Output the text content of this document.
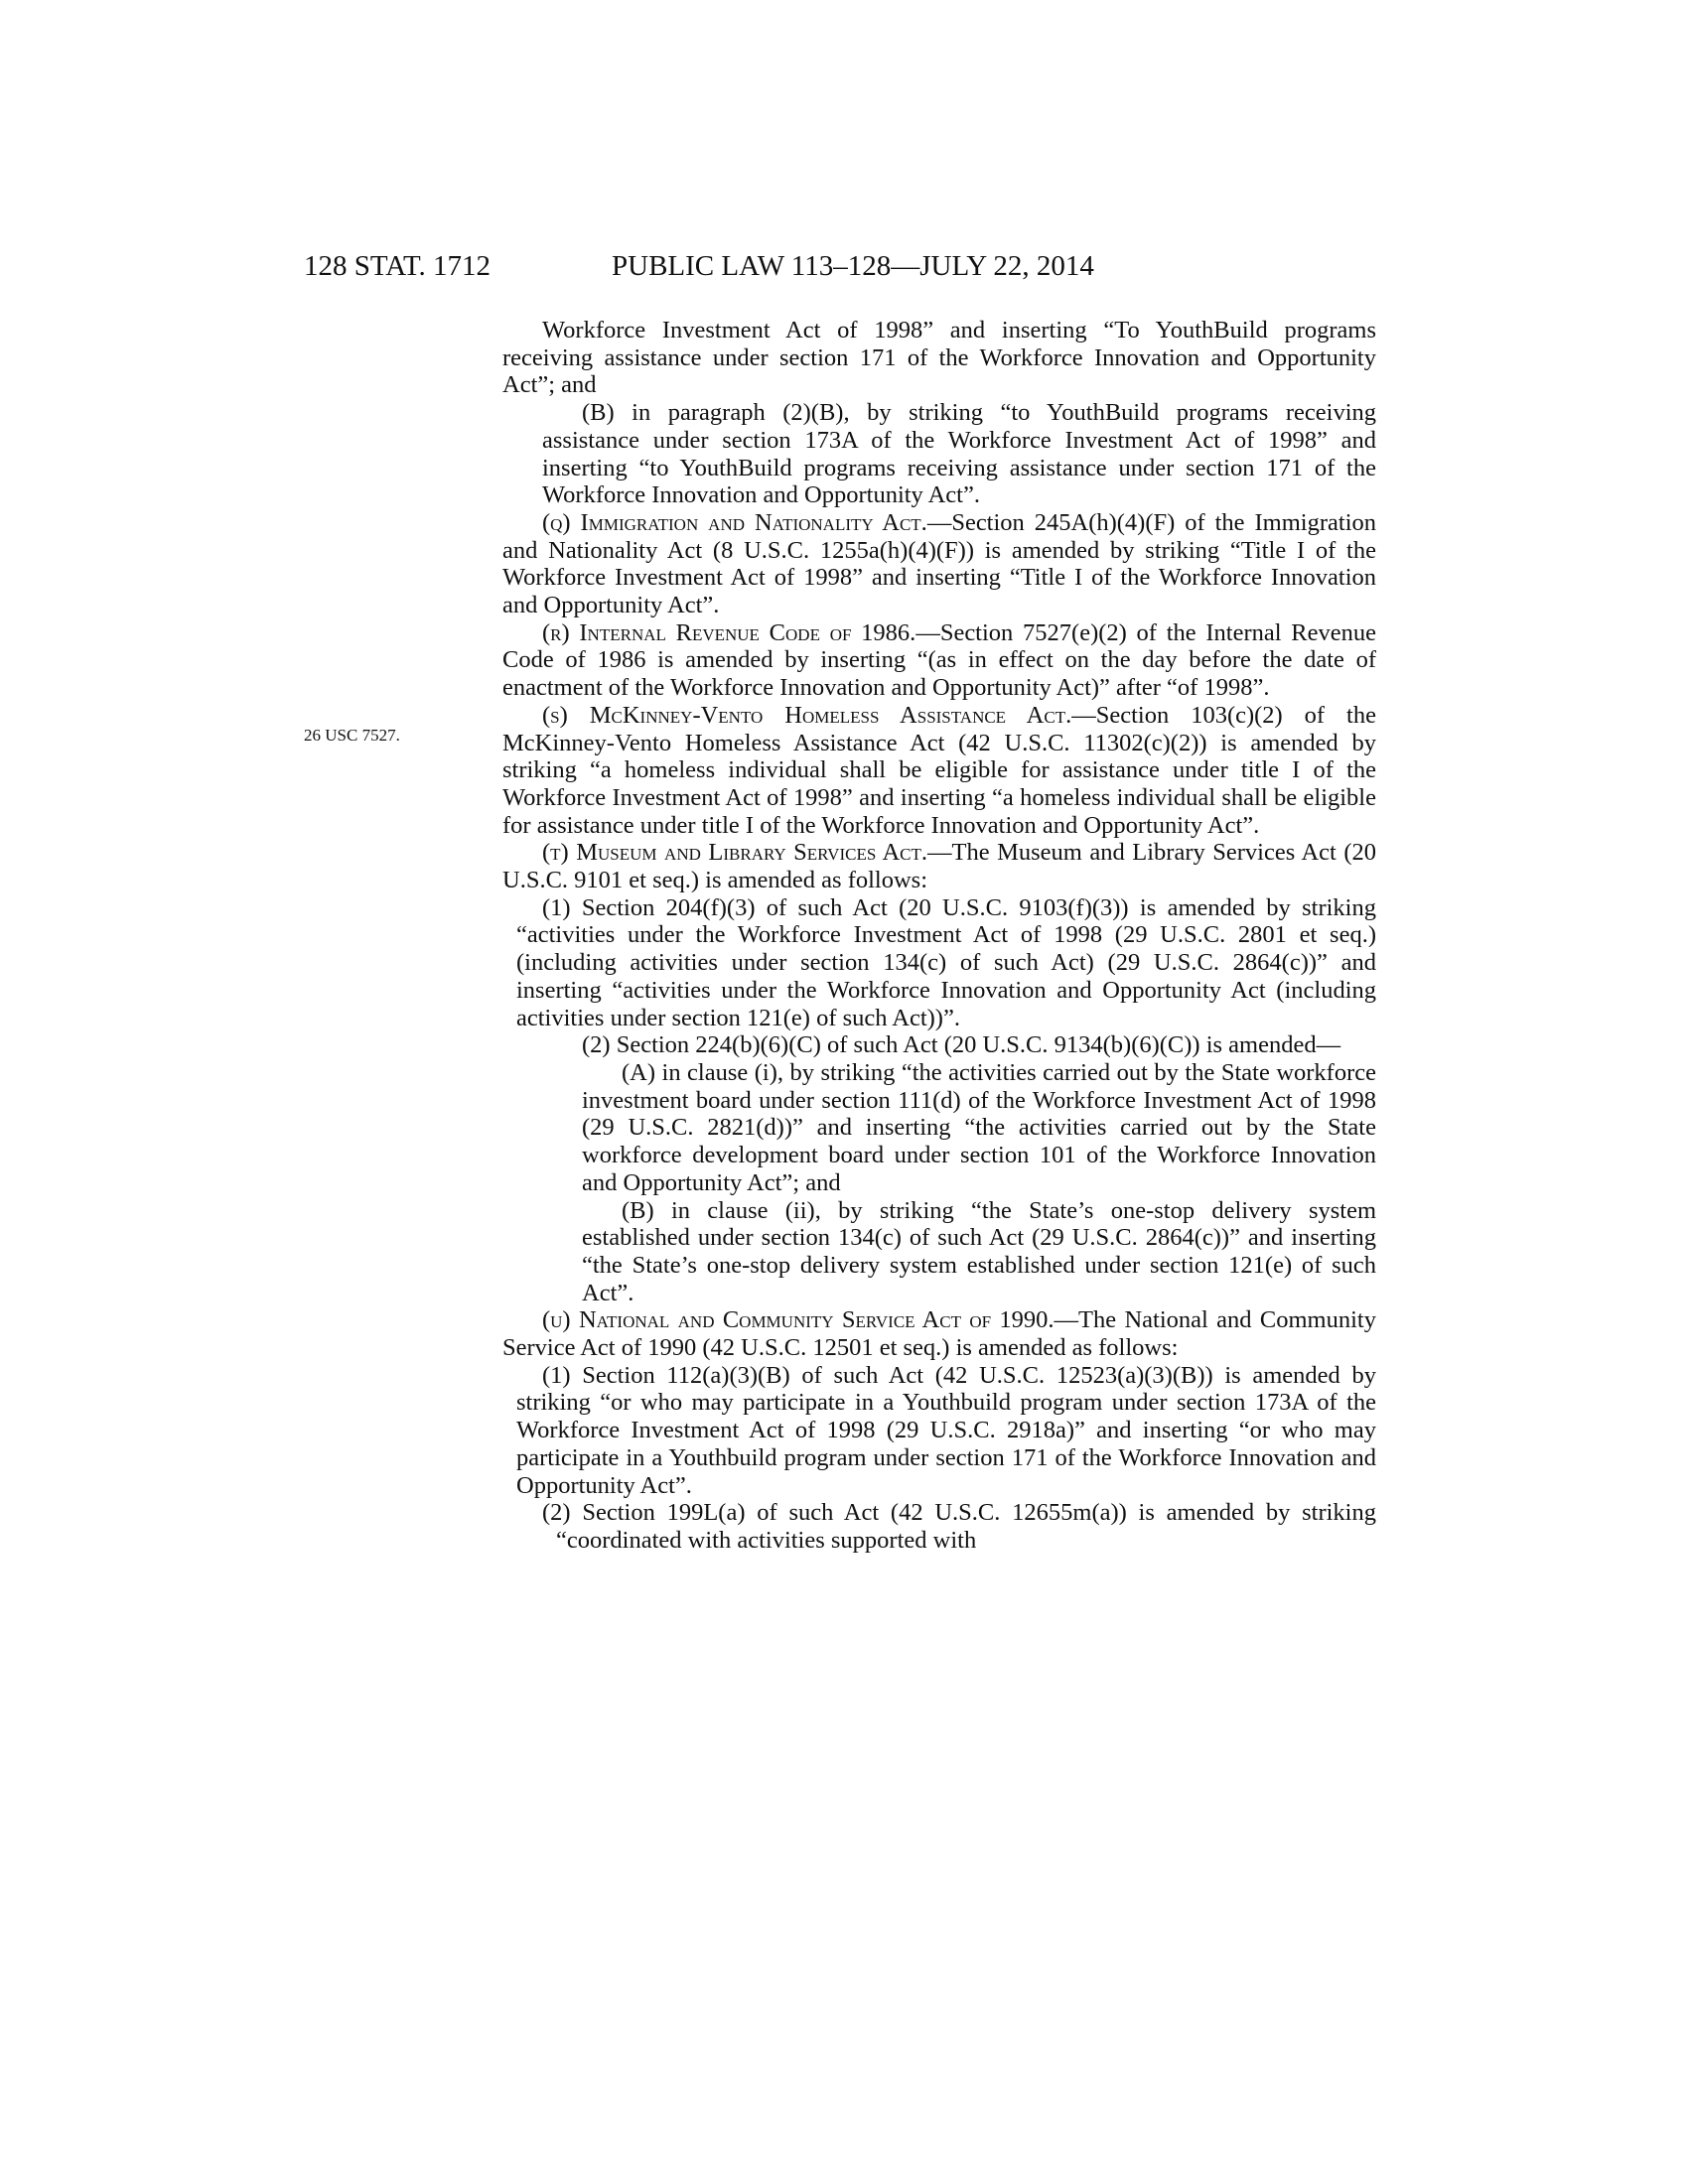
128 STAT. 1712	PUBLIC LAW 113–128—JULY 22, 2014
26 USC 7527.

Workforce Investment Act of 1998” and inserting “To YouthBuild programs receiving assistance under section 171 of the Workforce Innovation and Opportunity Act”; and

(B) in paragraph (2)(B), by striking “to YouthBuild programs receiving assistance under section 173A of the Workforce Investment Act of 1998” and inserting “to YouthBuild programs receiving assistance under section 171 of the Workforce Innovation and Opportunity Act”.

(q) Immigration and Nationality Act.—Section 245A(h)(4)(F) of the Immigration and Nationality Act (8 U.S.C. 1255a(h)(4)(F)) is amended by striking “Title I of the Workforce Investment Act of 1998” and inserting “Title I of the Workforce Innovation and Opportunity Act”.

(r) Internal Revenue Code of 1986.—Section 7527(e)(2) of the Internal Revenue Code of 1986 is amended by inserting “(as in effect on the day before the date of enactment of the Workforce Innovation and Opportunity Act)” after “of 1998”.

(s) McKinney-Vento Homeless Assistance Act.—Section 103(c)(2) of the McKinney-Vento Homeless Assistance Act (42 U.S.C. 11302(c)(2)) is amended by striking “a homeless individual shall be eligible for assistance under title I of the Workforce Investment Act of 1998” and inserting “a homeless individual shall be eligible for assistance under title I of the Workforce Innovation and Opportunity Act”.

(t) Museum and Library Services Act.—The Museum and Library Services Act (20 U.S.C. 9101 et seq.) is amended as follows:

(1) Section 204(f)(3) of such Act (20 U.S.C. 9103(f)(3)) is amended by striking “activities under the Workforce Investment Act of 1998 (29 U.S.C. 2801 et seq.) (including activities under section 134(c) of such Act) (29 U.S.C. 2864(c))” and inserting “activities under the Workforce Innovation and Opportunity Act (including activities under section 121(e) of such Act))”.

(2) Section 224(b)(6)(C) of such Act (20 U.S.C. 9134(b)(6)(C)) is amended—

(A) in clause (i), by striking “the activities carried out by the State workforce investment board under section 111(d) of the Workforce Investment Act of 1998 (29 U.S.C. 2821(d))” and inserting “the activities carried out by the State workforce development board under section 101 of the Workforce Innovation and Opportunity Act”; and

(B) in clause (ii), by striking “the State’s one-stop delivery system established under section 134(c) of such Act (29 U.S.C. 2864(c))” and inserting “the State’s one-stop delivery system established under section 121(e) of such Act”.

(u) National and Community Service Act of 1990.—The National and Community Service Act of 1990 (42 U.S.C. 12501 et seq.) is amended as follows:

(1) Section 112(a)(3)(B) of such Act (42 U.S.C. 12523(a)(3)(B)) is amended by striking “or who may participate in a Youthbuild program under section 173A of the Workforce Investment Act of 1998 (29 U.S.C. 2918a)” and inserting “or who may participate in a Youthbuild program under section 171 of the Workforce Innovation and Opportunity Act”.

(2) Section 199L(a) of such Act (42 U.S.C. 12655m(a)) is amended by striking “coordinated with activities supported with
